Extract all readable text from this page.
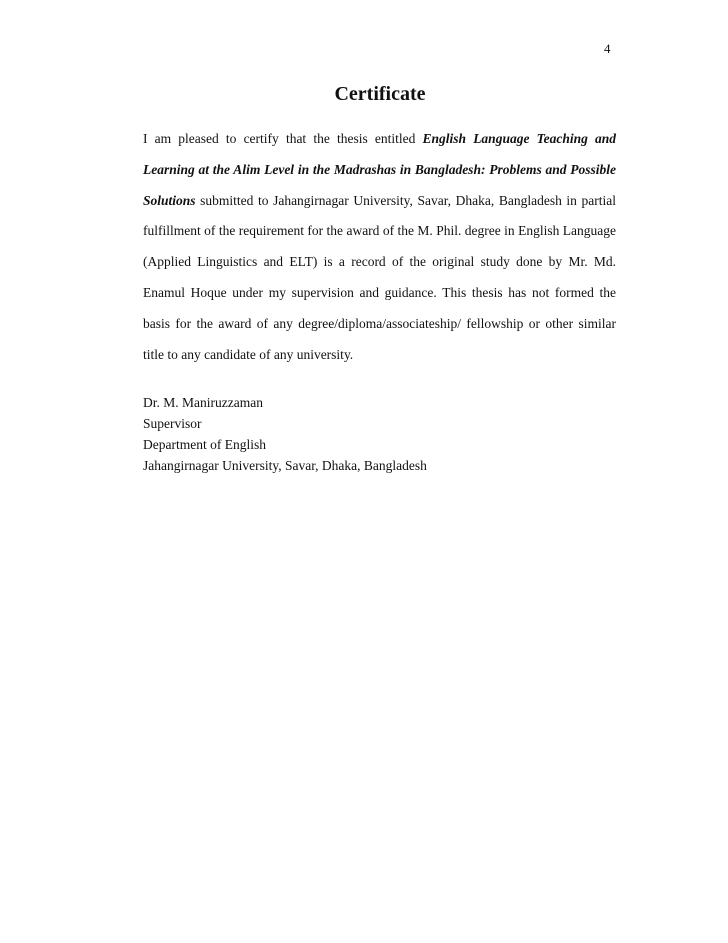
4
Certificate

I am pleased to certify that the thesis entitled English Language Teaching and Learning at the Alim Level in the Madrashas in Bangladesh: Problems and Possible Solutions submitted to Jahangirnagar University, Savar, Dhaka, Bangladesh in partial fulfillment of the requirement for the award of the M. Phil. degree in English Language (Applied Linguistics and ELT) is a record of the original study done by Mr. Md. Enamul Hoque under my supervision and guidance. This thesis has not formed the basis for the award of any degree/diploma/associateship/ fellowship or other similar title to any candidate of any university.

Dr. M. Maniruzzaman
Supervisor
Department of English
Jahangirnagar University, Savar, Dhaka, Bangladesh
